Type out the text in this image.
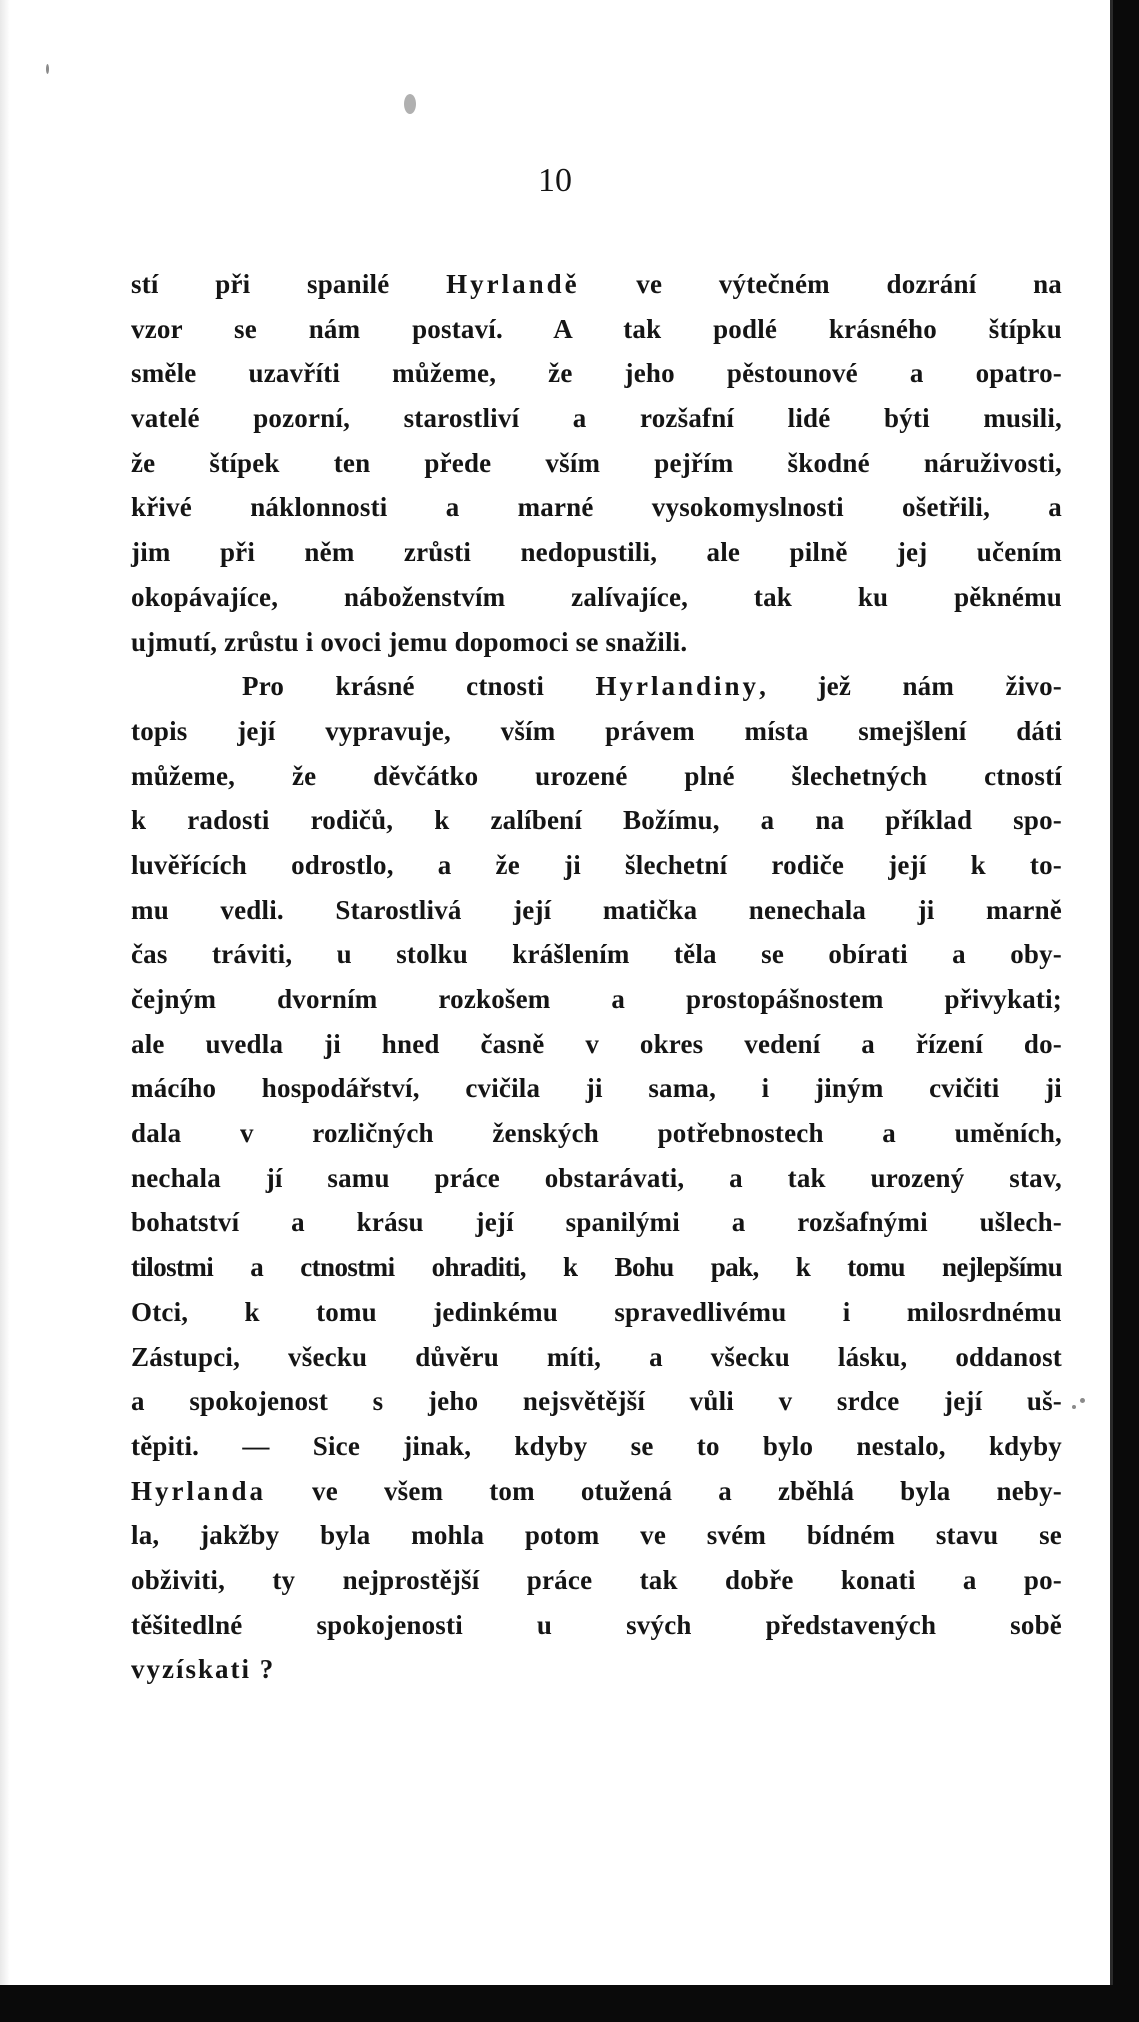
10

stí při spanilé Hyrlandě ve výtečném dozrání na
vzor se nám postaví. A tak podlé krásného štípku
směle uzavříti můžeme, že jeho pěstounové a opatro-
vatelé pozorní, starostliví a rozšafní lidé býti musili,
že štípek ten přede vším pejřím škodné náruživosti,
křivé náklonnosti a marné vysokomyslnosti ošetřili, a
jim při něm zrůsti nedopustili, ale pilně jej učením
okopávajíce, náboženstvím zalívajíce, tak ku pěknému
ujmutí, zrůstu i ovoci jemu dopomoci se snažili.
Pro krásné ctnosti Hyrlandiny, jež nám živo-
topis její vypravuje, vším právem místa smejšlení dáti
můžeme, že děvčátko urozené plné šlechetných ctností
k radosti rodičů, k zalíbení Božímu, a na příklad spo-
luvěřících odrostlo, a že ji šlechetní rodiče její k to-
mu vedli. Starostlivá její matička nenechala ji marně
čas tráviti, u stolku krášlením těla se obírati a oby-
čejným dvorním rozkošem a prostopášnostem přivykati;
ale uvedla ji hned časně v okres vedení a řízení do-
mácího hospodářství, cvičila ji sama, i jiným cvičiti ji
dala v rozličných ženských potřebnostech a uměních,
nechala jí samu práce obstarávati, a tak urozený stav,
bohatství a krásu její spanilými a rozšafnými ušlech-
tilostmi a ctnostmi ohraditi, k Bohu pak, k tomu nejlepšímu
Otci, k tomu jedinkému spravedlivému i milosrdnému
Zástupci, všecku důvěru míti, a všecku lásku, oddanost
a spokojenost s jeho nejsvětější vůli v srdce její uš-
těpiti. — Sice jinak, kdyby se to bylo nestalo, kdyby
Hyrlanda ve všem tom otužená a zběhlá byla neby-
la, jakžby byla mohla potom ve svém bídném stavu se
obživiti, ty nejprostější práce tak dobře konati a po-
těšitedlné spokojenosti u svých představených sobě
vyzískati ?
